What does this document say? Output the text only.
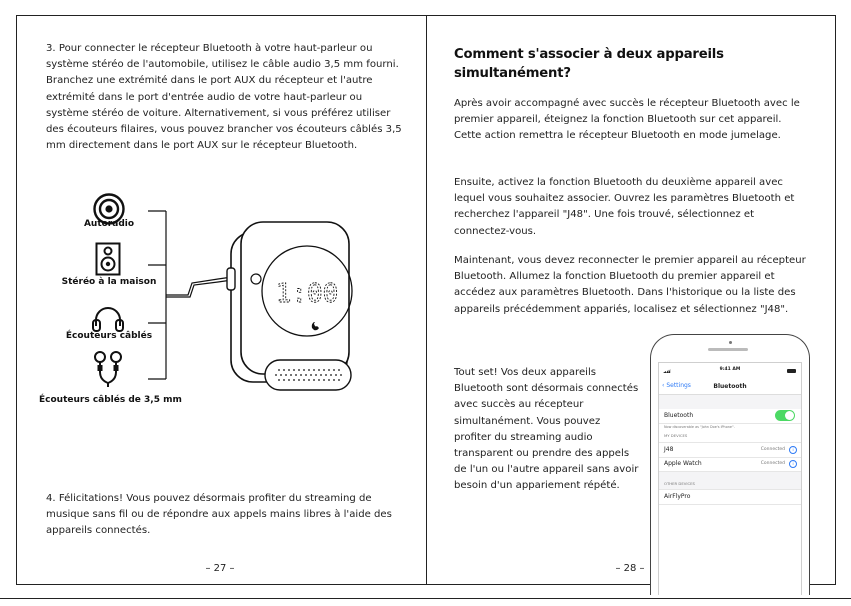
3. Pour connecter le récepteur Bluetooth à votre haut-parleur ou système stéréo de l'automobile, utilisez le câble audio 3,5 mm fourni. Branchez une extrémité dans le port AUX du récepteur et l'autre extrémité dans le port d'entrée audio de votre haut-parleur ou système stéréo de voiture. Alternativement, si vous préférez utiliser des écouteurs filaires, vous pouvez brancher vos écouteurs câblés 3,5 mm directement dans le port AUX sur le récepteur Bluetooth.

Autoradio
Stéréo à la maison
Écouteurs câblés
Écouteurs câblés de 3,5 mm
1:00

4. Félicitations! Vous pouvez désormais profiter du streaming de musique sans fil ou de répondre aux appels mains libres à l'aide des appareils connectés.

– 27 –
Comment s'associer à deux appareils simultanément?

Après avoir accompagné avec succès le récepteur Bluetooth avec le premier appareil, éteignez la fonction Bluetooth sur cet appareil. Cette action remettra le récepteur Bluetooth en mode jumelage.

Ensuite, activez la fonction Bluetooth du deuxième appareil avec lequel vous souhaitez associer. Ouvrez les paramètres Bluetooth et recherchez l'appareil "J48". Une fois trouvé, sélectionnez et connectez-vous.

Maintenant, vous devez reconnecter le premier appareil au récepteur Bluetooth. Allumez la fonction Bluetooth du premier appareil et accédez aux paramètres Bluetooth. Dans l'historique ou la liste des appareils précédemment appariés, localisez et sélectionnez "J48".

Tout set! Vos deux appareils Bluetooth sont désormais connectés avec succès au récepteur simultanément. Vous pouvez profiter du streaming audio transparent ou prendre des appels de l'un ou l'autre appareil sans avoir besoin d'un appariement répété.

– 28 –
9:41 AM
‹ Settings	Bluetooth
Bluetooth
Now discoverable as "John Doe's iPhone".
MY DEVICES
J48	Connected	i
Apple Watch	Connected	i
OTHER DEVICES
AirFlyPro
